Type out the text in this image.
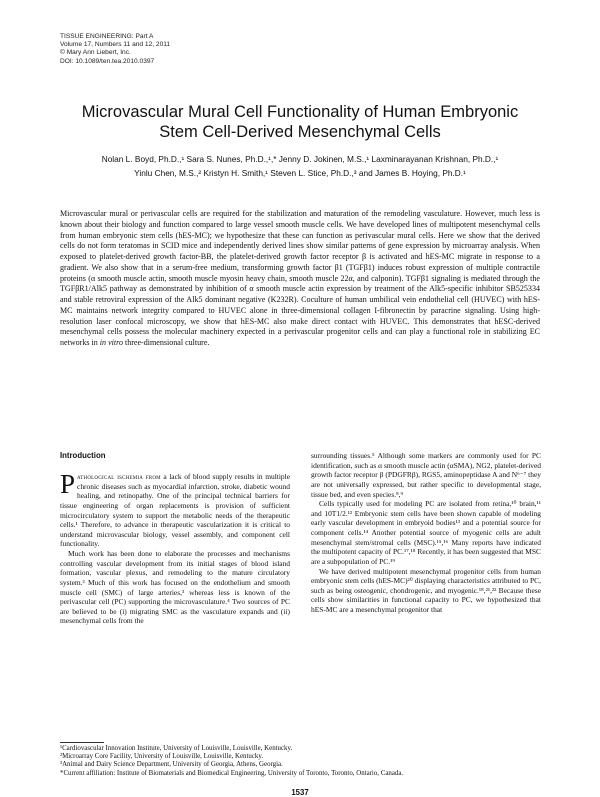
TISSUE ENGINEERING: Part A
Volume 17, Numbers 11 and 12, 2011
© Mary Ann Liebert, Inc.
DOI: 10.1089/ten.tea.2010.0397
Microvascular Mural Cell Functionality of Human Embryonic
Stem Cell-Derived Mesenchymal Cells
Nolan L. Boyd, Ph.D.,¹ Sara S. Nunes, Ph.D.,¹,* Jenny D. Jokinen, M.S.,¹ Laxminarayanan Krishnan, Ph.D.,¹
Yinlu Chen, M.S.,² Kristyn H. Smith,¹ Steven L. Stice, Ph.D.,³ and James B. Hoying, Ph.D.¹
Microvascular mural or perivascular cells are required for the stabilization and maturation of the remodeling vasculature. However, much less is known about their biology and function compared to large vessel smooth muscle cells. We have developed lines of multipotent mesenchymal cells from human embryonic stem cells (hES-MC); we hypothesize that these can function as perivascular mural cells. Here we show that the derived cells do not form teratomas in SCID mice and independently derived lines show similar patterns of gene expression by microarray analysis. When exposed to platelet-derived growth factor-BB, the platelet-derived growth factor receptor β is activated and hES-MC migrate in response to a gradient. We also show that in a serum-free medium, transforming growth factor β1 (TGFβ1) induces robust expression of multiple contractile proteins (α smooth muscle actin, smooth muscle myosin heavy chain, smooth muscle 22α, and calponin). TGFβ1 signaling is mediated through the TGFβR1/Alk5 pathway as demonstrated by inhibition of α smooth muscle actin expression by treatment of the Alk5-specific inhibitor SB525334 and stable retroviral expression of the Alk5 dominant negative (K232R). Coculture of human umbilical vein endothelial cell (HUVEC) with hES-MC maintains network integrity compared to HUVEC alone in three-dimensional collagen I-fibronectin by paracrine signaling. Using high-resolution laser confocal microscopy, we show that hES-MC also make direct contact with HUVEC. This demonstrates that hESC-derived mesenchymal cells possess the molecular machinery expected in a perivascular progenitor cells and can play a functional role in stabilizing EC networks in in vitro three-dimensional culture.
Introduction

Pathological ischemia from a lack of blood supply results in multiple chronic diseases such as myocardial infarction, stroke, diabetic wound healing, and retinopathy. One of the principal technical barriers for tissue engineering of organ replacements is provision of sufficient microcirculatory system to support the metabolic needs of the therapeutic cells.¹ Therefore, to advance in therapeutic vascularization it is critical to understand microvascular biology, vessel assembly, and component cell functionality.

Much work has been done to elaborate the processes and mechanisms controlling vascular development from its initial stages of blood island formation, vascular plexus, and remodeling to the mature circulatory system.² Much of this work has focused on the endothelium and smooth muscle cell (SMC) of large arteries,³ whereas less is known of the perivascular cell (PC) supporting the microvasculature.⁴ Two sources of PC are believed to be (i) migrating SMC as the vasculature expands and (ii) mesenchymal cells from the

surrounding tissues.⁵ Although some markers are commonly used for PC identification, such as α smooth muscle actin (αSMA), NG2, platelet-derived growth factor receptor β (PDGFRβ), RGS5, aminopeptidase A and N⁶⁻⁷ they are not universally expressed, but rather specific to developmental stage, tissue bed, and even species.⁸,⁹

Cells typically used for modeling PC are isolated from retina,¹⁰ brain,¹¹ and 10T1/2.¹² Embryonic stem cells have been shown capable of modeling early vascular development in embryoid bodies¹³ and a potential source for component cells.¹⁴ Another potential source of myogenic cells are adult mesenchymal stem/stromal cells (MSC).¹⁵,¹⁶ Many reports have indicated the multipotent capacity of PC.¹⁷,¹⁸ Recently, it has been suggested that MSC are a subpopulation of PC.¹⁹

We have derived multipotent mesenchymal progenitor cells from human embryonic stem cells (hES-MC)²⁰ displaying characteristics attributed to PC, such as being osteogenic, chondrogenic, and myogenic.¹⁸,²¹,²² Because these cells show similarities in functional capacity to PC, we hypothesized that hES-MC are a mesenchymal progenitor that

¹Cardiovascular Innovation Institute, University of Louisville, Louisville, Kentucky.
²Microarray Core Facility, University of Louisville, Louisville, Kentucky.
³Animal and Dairy Science Department, University of Georgia, Athens, Georgia.
*Current affiliation: Institute of Biomaterials and Biomedical Engineering, University of Toronto, Toronto, Ontario, Canada.
1537
